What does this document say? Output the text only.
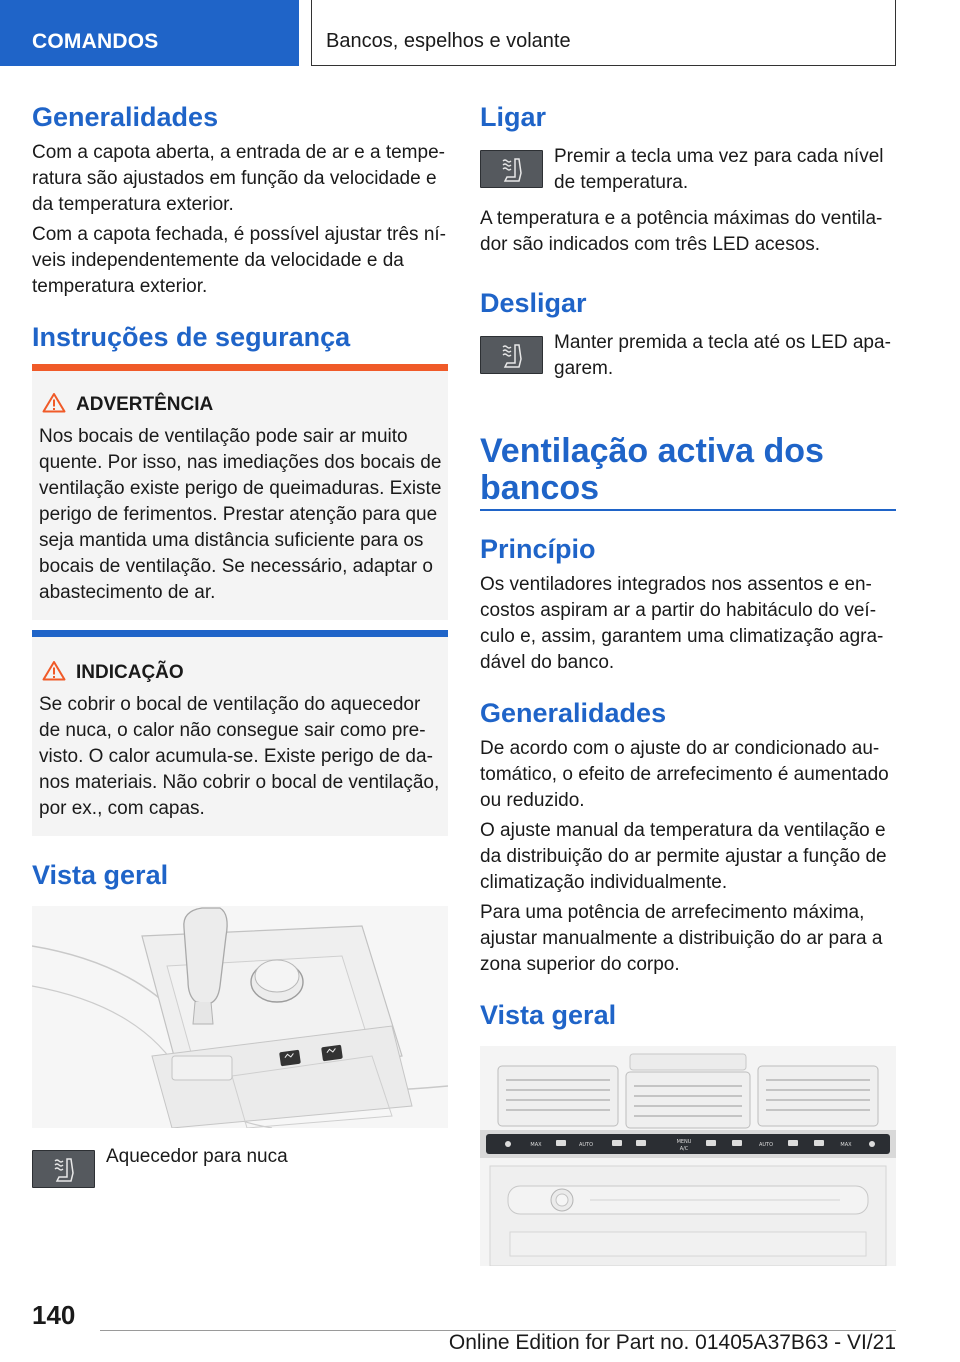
COMANDOS	Bancos, espelhos e volante
Generalidades
Com a capota aberta, a entrada de ar e a tempe‐ratura são ajustados em função da velocidade e da temperatura exterior.
Com a capota fechada, é possível ajustar três ní‐veis independentemente da velocidade e da temperatura exterior.
Instruções de segurança
ADVERTÊNCIA
Nos bocais de ventilação pode sair ar muito quente. Por isso, nas imediações dos bocais de ventilação existe perigo de queimaduras. Existe perigo de ferimentos. Prestar atenção para que seja mantida uma distância suficiente para os bocais de ventilação. Se necessário, adaptar o abastecimento de ar.
INDICAÇÃO
Se cobrir o bocal de ventilação do aquecedor de nuca, o calor não consegue sair como pre‐visto. O calor acumula-se. Existe perigo de da‐nos materiais. Não cobrir o bocal de ventilação, por ex., com capas.
Vista geral
Aquecedor para nuca
Ligar
Premir a tecla uma vez para cada nível de temperatura.
A temperatura e a potência máximas do ventila‐dor são indicados com três LED acesos.
Desligar
Manter premida a tecla até os LED apa‐garem.
Ventilação activa dos bancos
Princípio
Os ventiladores integrados nos assentos e en‐costos aspiram ar a partir do habitáculo do veí‐culo e, assim, garantem uma climatização agra‐dável do banco.
Generalidades
De acordo com o ajuste do ar condicionado au‐tomático, o efeito de arrefecimento é aumentado ou reduzido.
O ajuste manual da temperatura da ventilação e da distribuição do ar permite ajustar a função de climatização individualmente.
Para uma potência de arrefecimento máxima, ajustar manualmente a distribuição do ar para a zona superior do corpo.
Vista geral
MAX	AUTO	MENU
A/C
AUTO	MAX
140
Online Edition for Part no. 01405A37B63 - VI/21
